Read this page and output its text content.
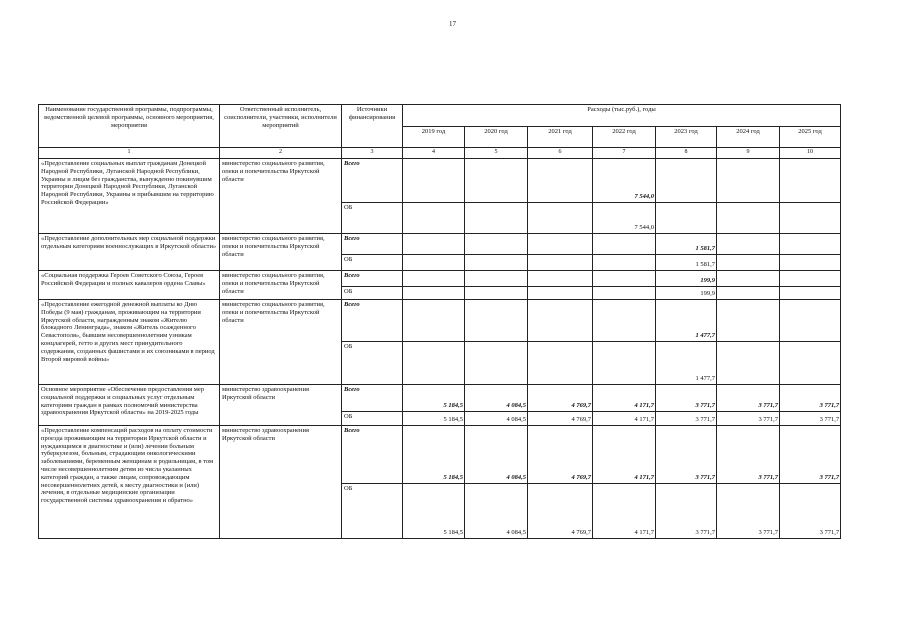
17
Наименование государственной программы, подпрограммы, ведомственной целевой программы, основного мероприятия, мероприятия	Ответственный исполнитель, соисполнители, участники, исполнители мероприятий	Источники финансирования	Расходы (тыс.руб.), годы						
			2019 год	2020 год	2021 год	2022 год	2023 год	2024 год	2025 год
1	2	3	4	5	6	7	8	9	10
«Предоставление социальных выплат гражданам Донецкой Народной Республики, Луганской Народной Республики, Украины и лицам без гражданства, вынужденно покинувшим территории Донецкой Народной Республики, Луганской Народной Республики, Украины и прибывшим на территорию Российской Федерации»	министерство социального развития, опеки и попечительства Иркутской области	Всего				7 544,0			
		ОБ				7 544,0			
«Предоставление дополнительных мер социальной поддержки отдельным категориям военнослужащих в Иркутской области»	министерство социального развития, опеки и попечительства Иркутской области	Всего					1 581,7		
		ОБ					1 581,7		
«Социальная поддержка Героев Советского Союза, Героев Российской Федерации и полных кавалеров ордена Славы»	министерство социального развития, опеки и попечительства Иркутской области	Всего					199,9		
		ОБ					199,9		
«Предоставление ежегодной денежной выплаты ко Дню Победы (9 мая) гражданам, проживающим на территории Иркутской области, награжденным знаком «Жителю блокадного Ленинграда», знаком «Житель осажденного Севастополя», бывшим несовершеннолетним узникам концлагерей, гетто и других мест принудительного содержания, созданных фашистами и их союзниками в период Второй мировой войны»	министерство социального развития, опеки и попечительства Иркутской области	Всего					1 477,7		
		ОБ					1 477,7		
Основное мероприятие «Обеспечение предоставления мер социальной поддержки и социальных услуг отдельным категориям граждан в рамках полномочий министерства здравоохранения Иркутской области» на 2019-2025 годы	министерство здравоохранения Иркутской области	Всего	5 184,5	4 084,5	4 769,7	4 171,7	3 771,7	3 771,7	3 771,7
		ОБ	5 184,5	4 084,5	4 769,7	4 171,7	3 771,7	3 771,7	3 771,7
«Предоставление компенсаций расходов на оплату стоимости проезда проживающим на территории Иркутской области и нуждающимся в диагностике и (или) лечении больным туберкулезом, больным, страдающим онкологическими заболеваниями, беременным женщинам и родильницам, в том числе несовершеннолетним детям из числа указанных категорий граждан, а также лицам, сопровождающим несовершеннолетних детей, к месту диагностики и (или) лечения, в отдельные медицинские организации государственной системы здравоохранения и обратно»	министерство здравоохранения Иркутской области	Всего	5 184,5	4 084,5	4 769,7	4 171,7	3 771,7	3 771,7	3 771,7
		ОБ	5 184,5	4 084,5	4 769,7	4 171,7	3 771,7	3 771,7	3 771,7
